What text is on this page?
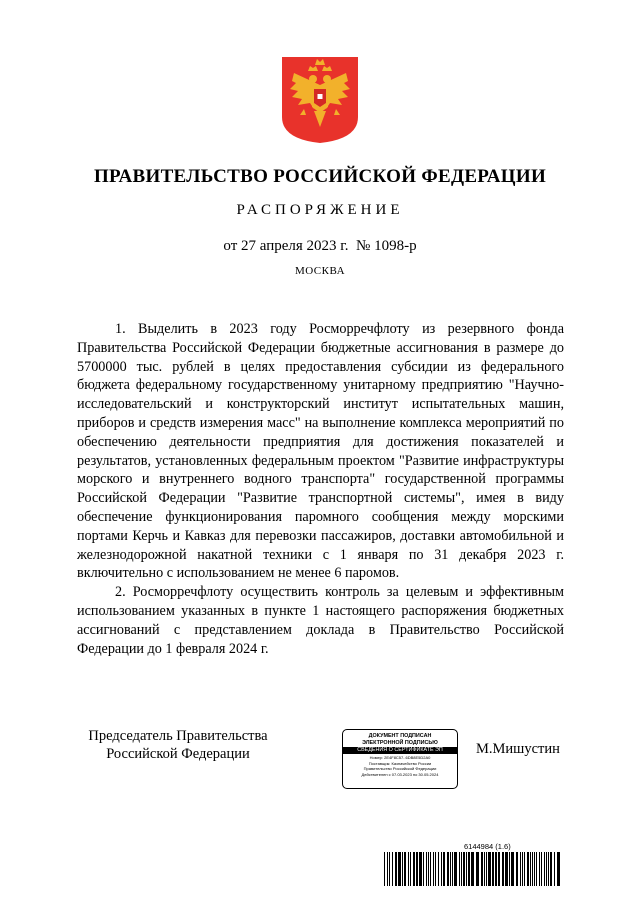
ПРАВИТЕЛЬСТВО РОССИЙСКОЙ ФЕДЕРАЦИИ
РАСПОРЯЖЕНИЕ
от 27 апреля 2023 г.  № 1098-р
МОСКВА

1. Выделить в 2023 году Росморречфлоту из резервного фонда Правительства Российской Федерации бюджетные ассигнования в размере до 5700000 тыс. рублей в целях предоставления субсидии из федерального бюджета федеральному государственному унитарному предприятию "Научно-исследовательский и конструкторский институт испытательных машин, приборов и средств измерения масс" на выполнение комплекса мероприятий по обеспечению деятельности предприятия для достижения показателей и результатов, установленных федеральным проектом "Развитие инфраструктуры морского и внутреннего водного транспорта" государственной программы Российской Федерации "Развитие транспортной системы", имея в виду обеспечение функционирования паромного сообщения между морскими портами Керчь и Кавказ для перевозки пассажиров, доставки автомобильной и железнодорожной накатной техники с 1 января по 31 декабря 2023 г. включительно с использованием не менее 6 паромов.

2. Росморречфлоту осуществить контроль за целевым и эффективным использованием указанных в пункте 1 настоящего распоряжения бюджетных ассигнований с представлением доклада в Правительство Российской Федерации до 1 февраля 2024 г.

Председатель Правительства
Российской Федерации
ДОКУМЕНТ ПОДПИСАН
ЭЛЕКТРОННОЙ ПОДПИСЬЮ
СВЕДЕНИЯ О СЕРТИФИКАТЕ ЭП
Номер: 2E4F8C57..6DB8E5D2A0
Поставщик: Казначейство России
Правительство Российской Федерации
Действителен с 07.03.2023 по 30.05.2024
М.Мишустин
6144984 (1.6)
